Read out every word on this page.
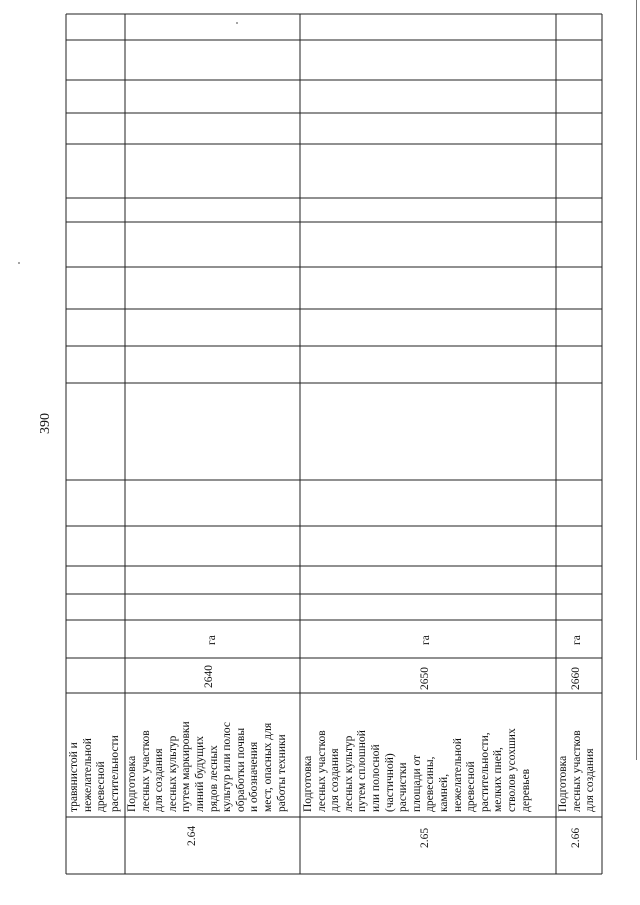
390
травянистой и нежелательной древесной растительности
2.64
Подготовка лесных участков для создания лесных культур путем маркировки линий будущих рядов лесных культур или полос обработки почвы и обозначения мест, опасных для работы техники
2640
га
2.65
Подготовка лесных участков для создания лесных культур путем сплошной или полосной (частичной) расчистки площади от древесины, камней, нежелательной древесной растительности, мелких пней, стволов усохших деревьев
2650
га
2.66
Подготовка лесных участков для создания
2660
га
